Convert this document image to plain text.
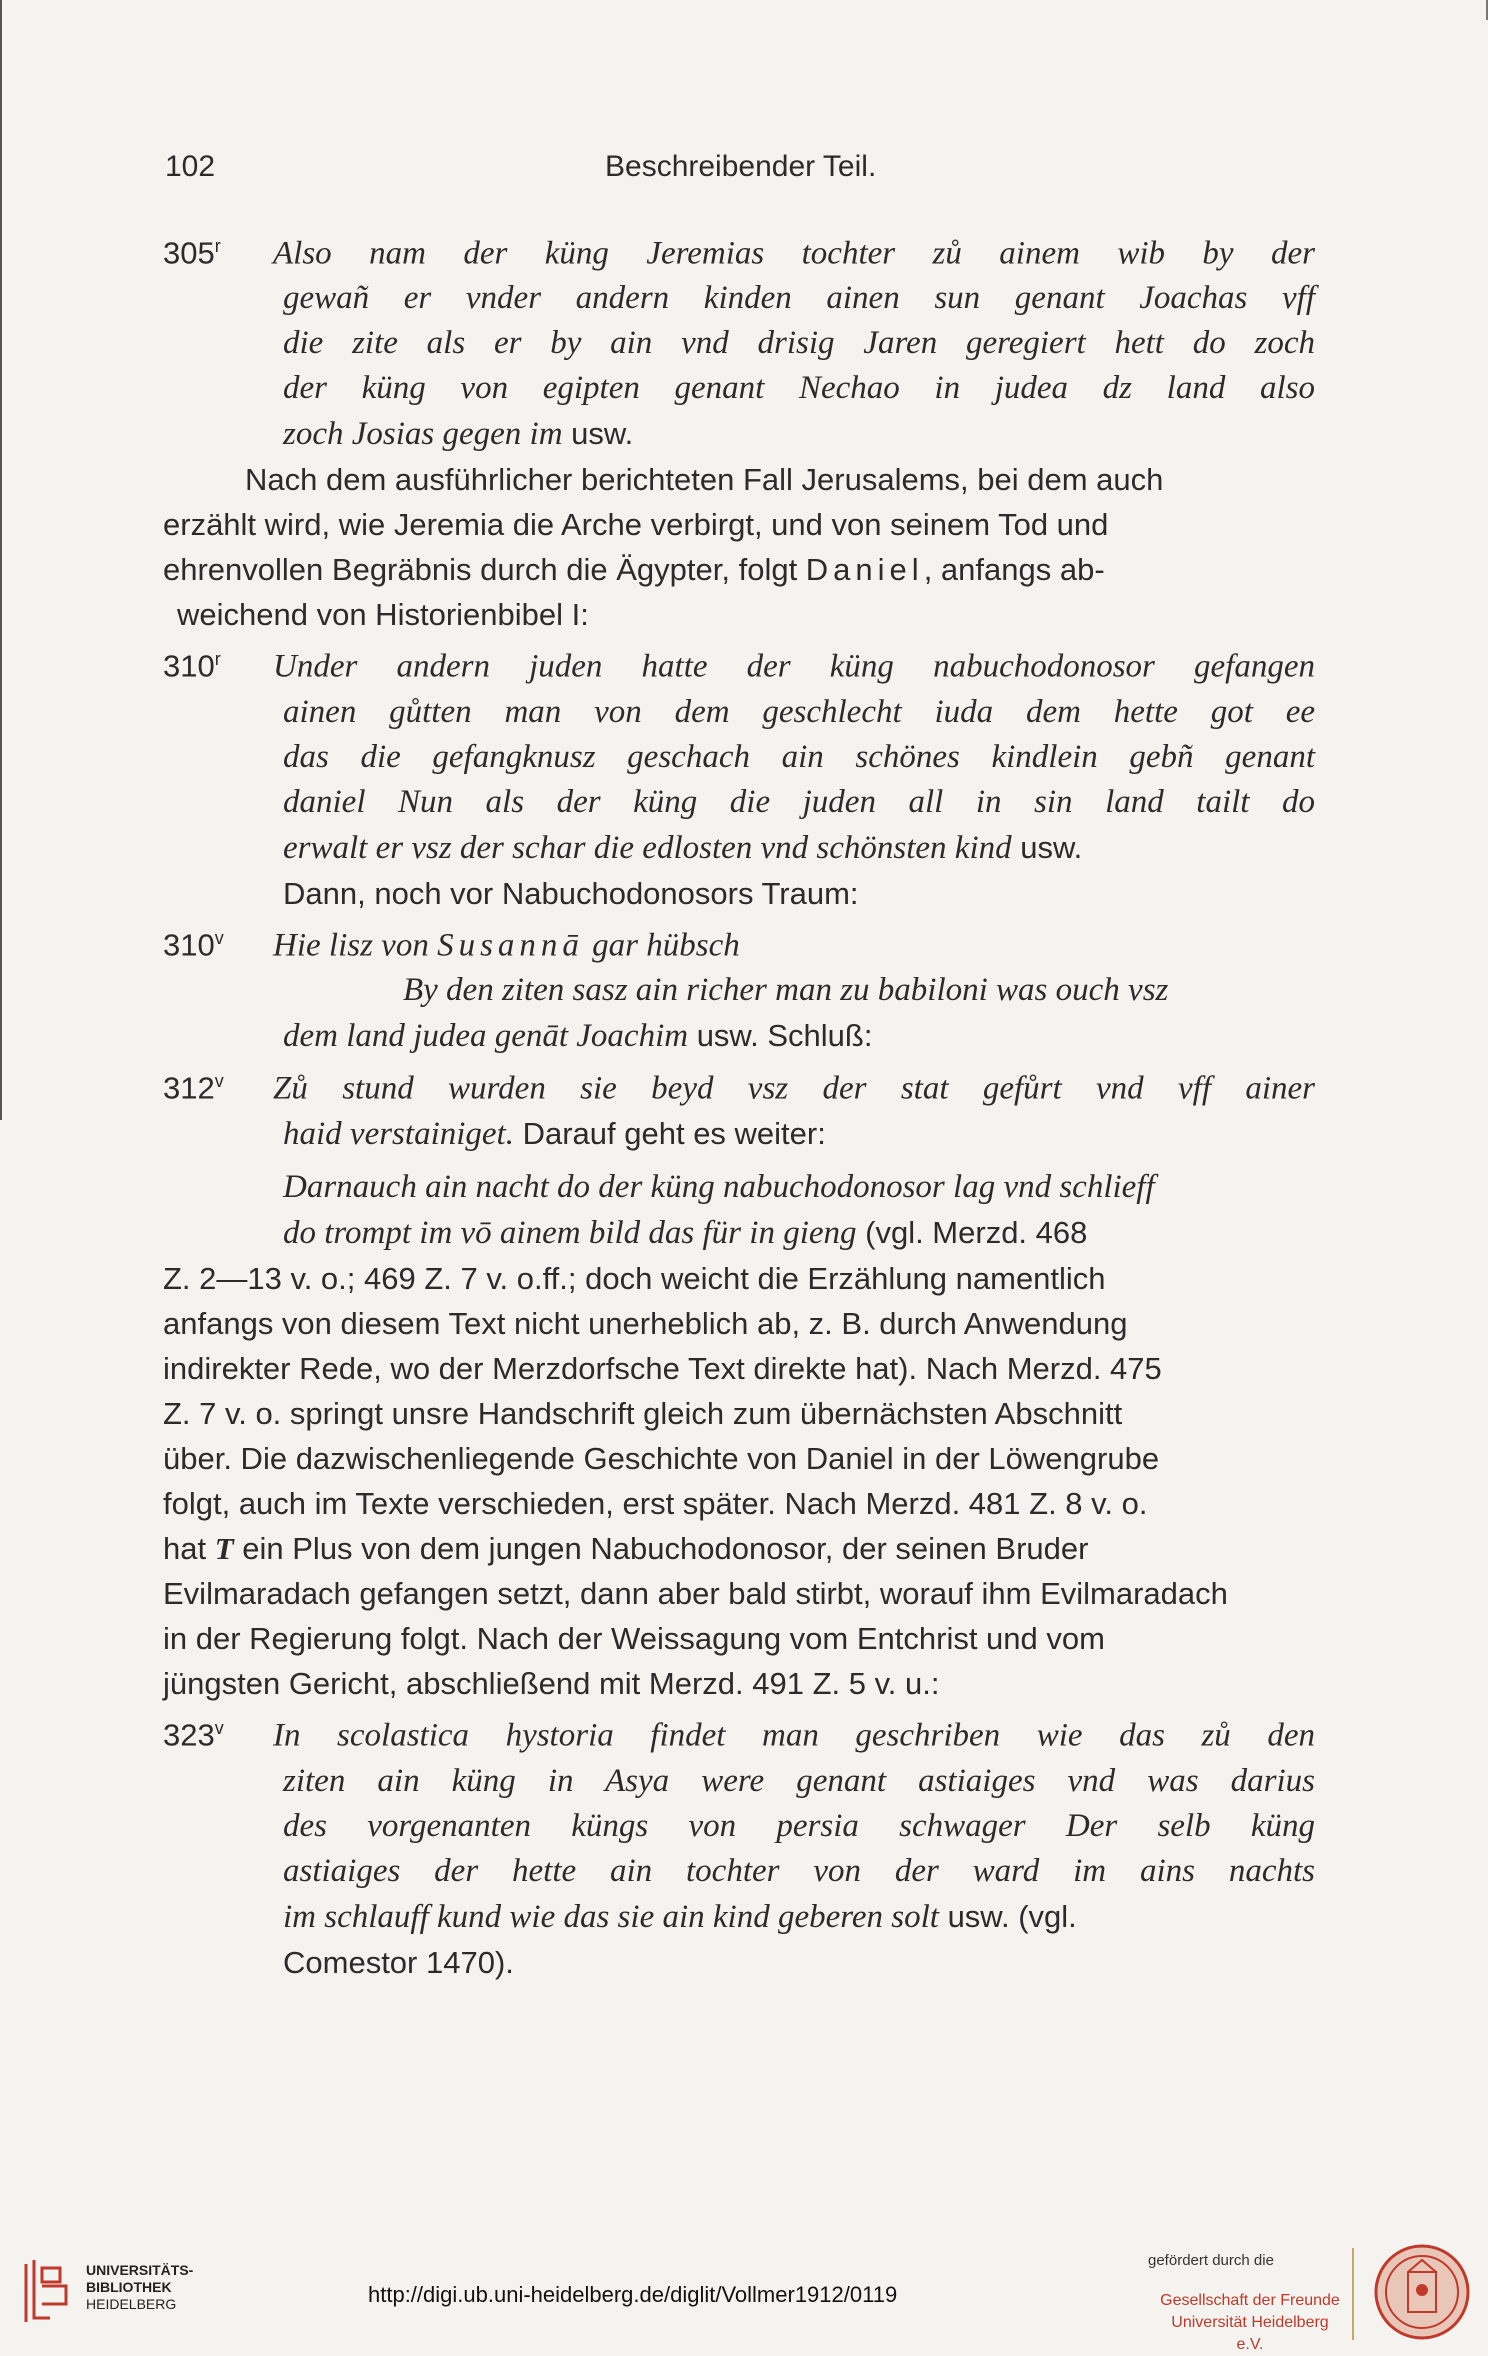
102	Beschreibender Teil.
305$^r$ Also nam der küng Jeremias tochter zů ainem wib by der
gewañ er vnder andern kinden ainen sun genant Joachas vff
die zite als er by ain vnd drisig Jaren geregiert hett do zoch
der küng von egipten genant Nechao in judea dz land also
zoch Josias gegen im usw.
Nach dem ausführlicher berichteten Fall Jerusalems, bei dem auch
erzählt wird, wie Jeremia die Arche verbirgt, und von seinem Tod und
ehrenvollen Begräbnis durch die Ägypter, folgt Daniel, anfangs ab-
weichend von Historienbibel I:
310$^r$ Under andern juden hatte der küng nabuchodonosor gefangen
ainen gůtten man von dem geschlecht iuda dem hette got ee
das die gefangknusz geschach ain schönes kindlein gebñ genant
daniel Nun als der küng die juden all in sin land tailt do
erwalt er vsz der schar die edlosten vnd schönsten kind usw.
Dann, noch vor Nabuchodonosors Traum:
310$^v$ Hie lisz von Susannā gar hübsch
By den ziten sasz ain richer man zu babiloni was ouch vsz
dem land judea genāt Joachim usw. Schluß:
312$^v$ Zů stund wurden sie beyd vsz der stat gefůrt vnd vff ainer
haid verstainiget. Darauf geht es weiter:
Darnauch ain nacht do der küng nabuchodonosor lag vnd schlieff
do trompt im vō ainem bild das für in gieng (vgl. Merzd. 468
Z. 2—13 v. o.; 469 Z. 7 v. o.ff.; doch weicht die Erzählung namentlich
anfangs von diesem Text nicht unerheblich ab, z. B. durch Anwendung
indirekter Rede, wo der Merzdorfsche Text direkte hat). Nach Merzd. 475
Z. 7 v. o. springt unsre Handschrift gleich zum übernächsten Abschnitt
über. Die dazwischenliegende Geschichte von Daniel in der Löwengrube
folgt, auch im Texte verschieden, erst später. Nach Merzd. 481 Z. 8 v. o.
hat T ein Plus von dem jungen Nabuchodonosor, der seinen Bruder
Evilmaradach gefangen setzt, dann aber bald stirbt, worauf ihm Evilmaradach
in der Regierung folgt. Nach der Weissagung vom Entchrist und vom
jüngsten Gericht, abschließend mit Merzd. 491 Z. 5 v. u.:
323$^v$ In scolastica hystoria findet man geschriben wie das zů den
ziten ain küng in Asya were genant astiaiges vnd was darius
des vorgenanten küngs von persia schwager Der selb küng
astiaiges der hette ain tochter von der ward im ains nachts
im schlauff kund wie das sie ain kind geberen solt usw. (vgl.
Comestor 1470).
UNIVERSITÄTS-
BIBLIOTHEK
HEIDELBERG	http://digi.ub.uni-heidelberg.de/diglit/Vollmer1912/0119
gefördert durch die
Gesellschaft der Freunde
Universität Heidelberg e.V.
